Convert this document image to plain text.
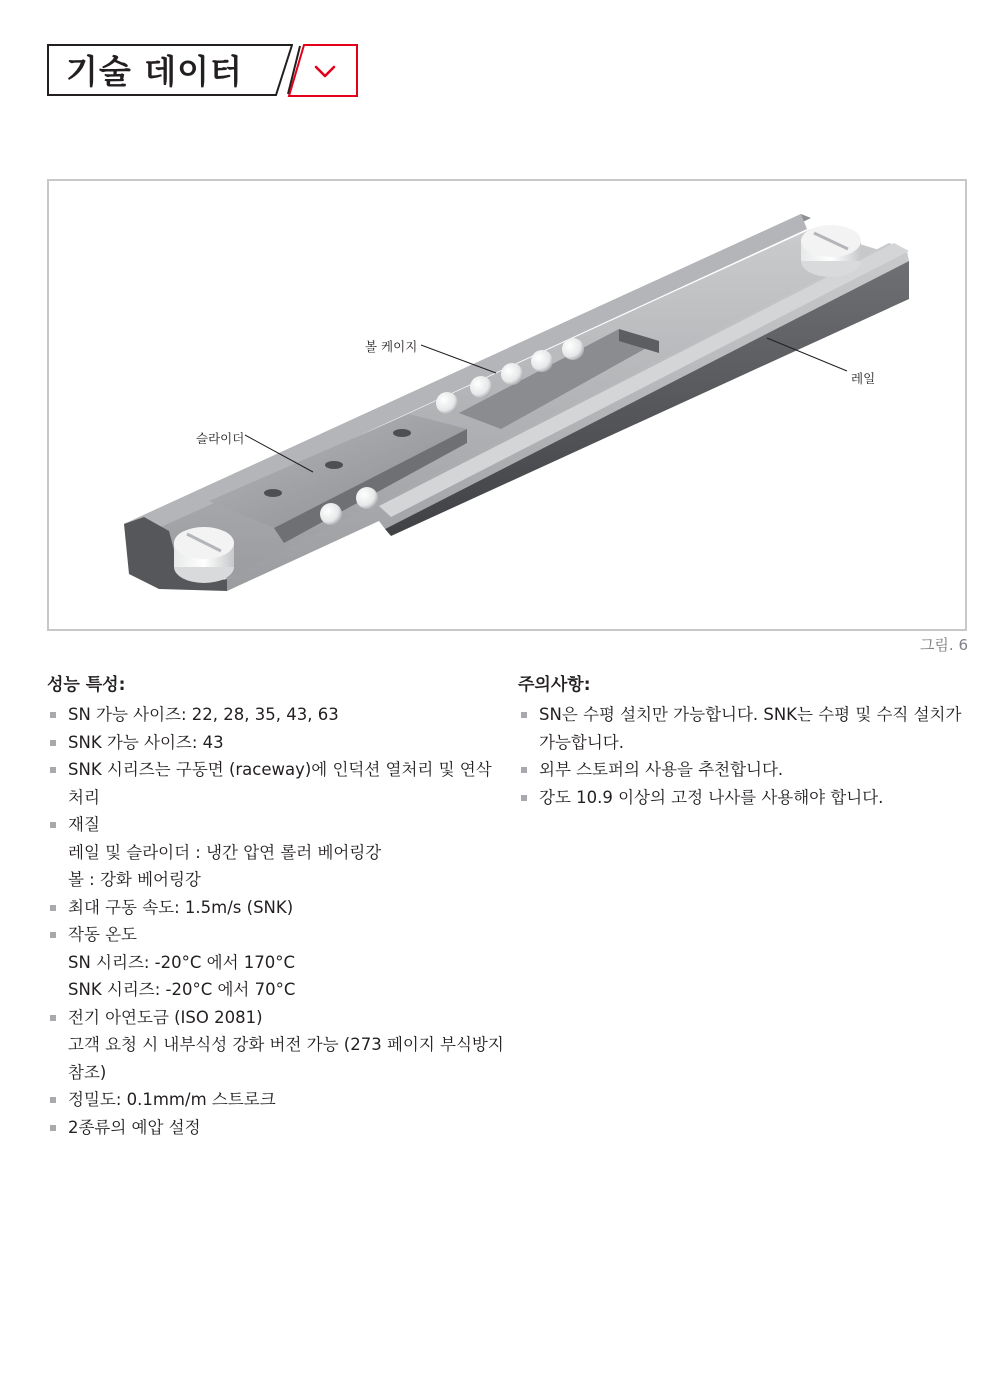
기술 데이터
볼 케이지
레일
슬라이더
그림. 6
성능 특성:
SN 가능 사이즈: 22, 28, 35, 43, 63
SNK 가능 사이즈: 43
SNK 시리즈는 구동면 (raceway)에 인덕션 열처리 및 연삭 처리
재질
레일 및 슬라이더 : 냉간 압연 롤러 베어링강
볼 : 강화 베어링강
최대 구동 속도: 1.5m/s (SNK)
작동 온도
SN 시리즈: -20°C 에서 170°C
SNK 시리즈: -20°C 에서 70°C
전기 아연도금 (ISO 2081)
고객 요청 시 내부식성 강화 버전 가능 (273 페이지 부식방지 참조)
정밀도: 0.1mm/m 스트로크
2종류의 예압 설정
주의사항:
SN은 수평 설치만 가능합니다. SNK는 수평 및 수직 설치가 가능합니다.
외부 스토퍼의 사용을 추천합니다.
강도 10.9 이상의 고정 나사를 사용해야 합니다.
